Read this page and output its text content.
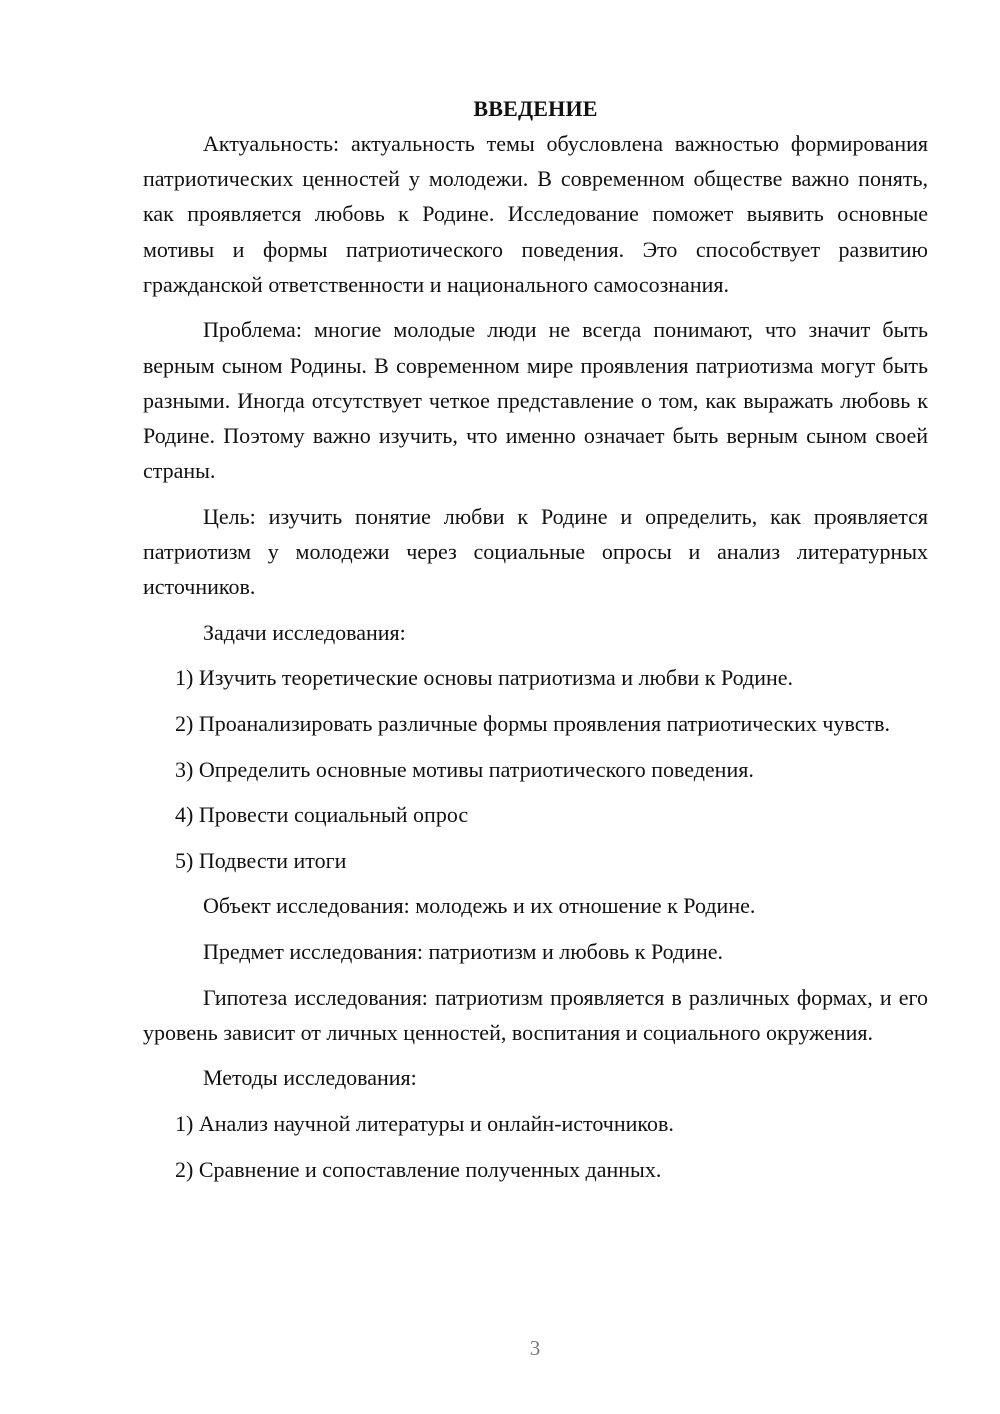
ВВЕДЕНИЕ

Актуальность: актуальность темы обусловлена важностью формирования патриотических ценностей у молодежи. В современном обществе важно понять, как проявляется любовь к Родине. Исследование поможет выявить основные мотивы и формы патриотического поведения. Это способствует развитию гражданской ответственности и национального самосознания.

Проблема: многие молодые люди не всегда понимают, что значит быть верным сыном Родины. В современном мире проявления патриотизма могут быть разными. Иногда отсутствует четкое представление о том, как выражать любовь к Родине. Поэтому важно изучить, что именно означает быть верным сыном своей страны.

Цель: изучить понятие любви к Родине и определить, как проявляется патриотизм у молодежи через социальные опросы и анализ литературных источников.

Задачи исследования:

1) Изучить теоретические основы патриотизма и любви к Родине.

2) Проанализировать различные формы проявления патриотических чувств.

3) Определить основные мотивы патриотического поведения.

4) Провести социальный опрос

5) Подвести итоги

Объект исследования: молодежь и их отношение к Родине.

Предмет исследования: патриотизм и любовь к Родине.

Гипотеза исследования: патриотизм проявляется в различных формах, и его уровень зависит от личных ценностей, воспитания и социального окружения.

Методы исследования:

1) Анализ научной литературы и онлайн-источников.

2) Сравнение и сопоставление полученных данных.

3
